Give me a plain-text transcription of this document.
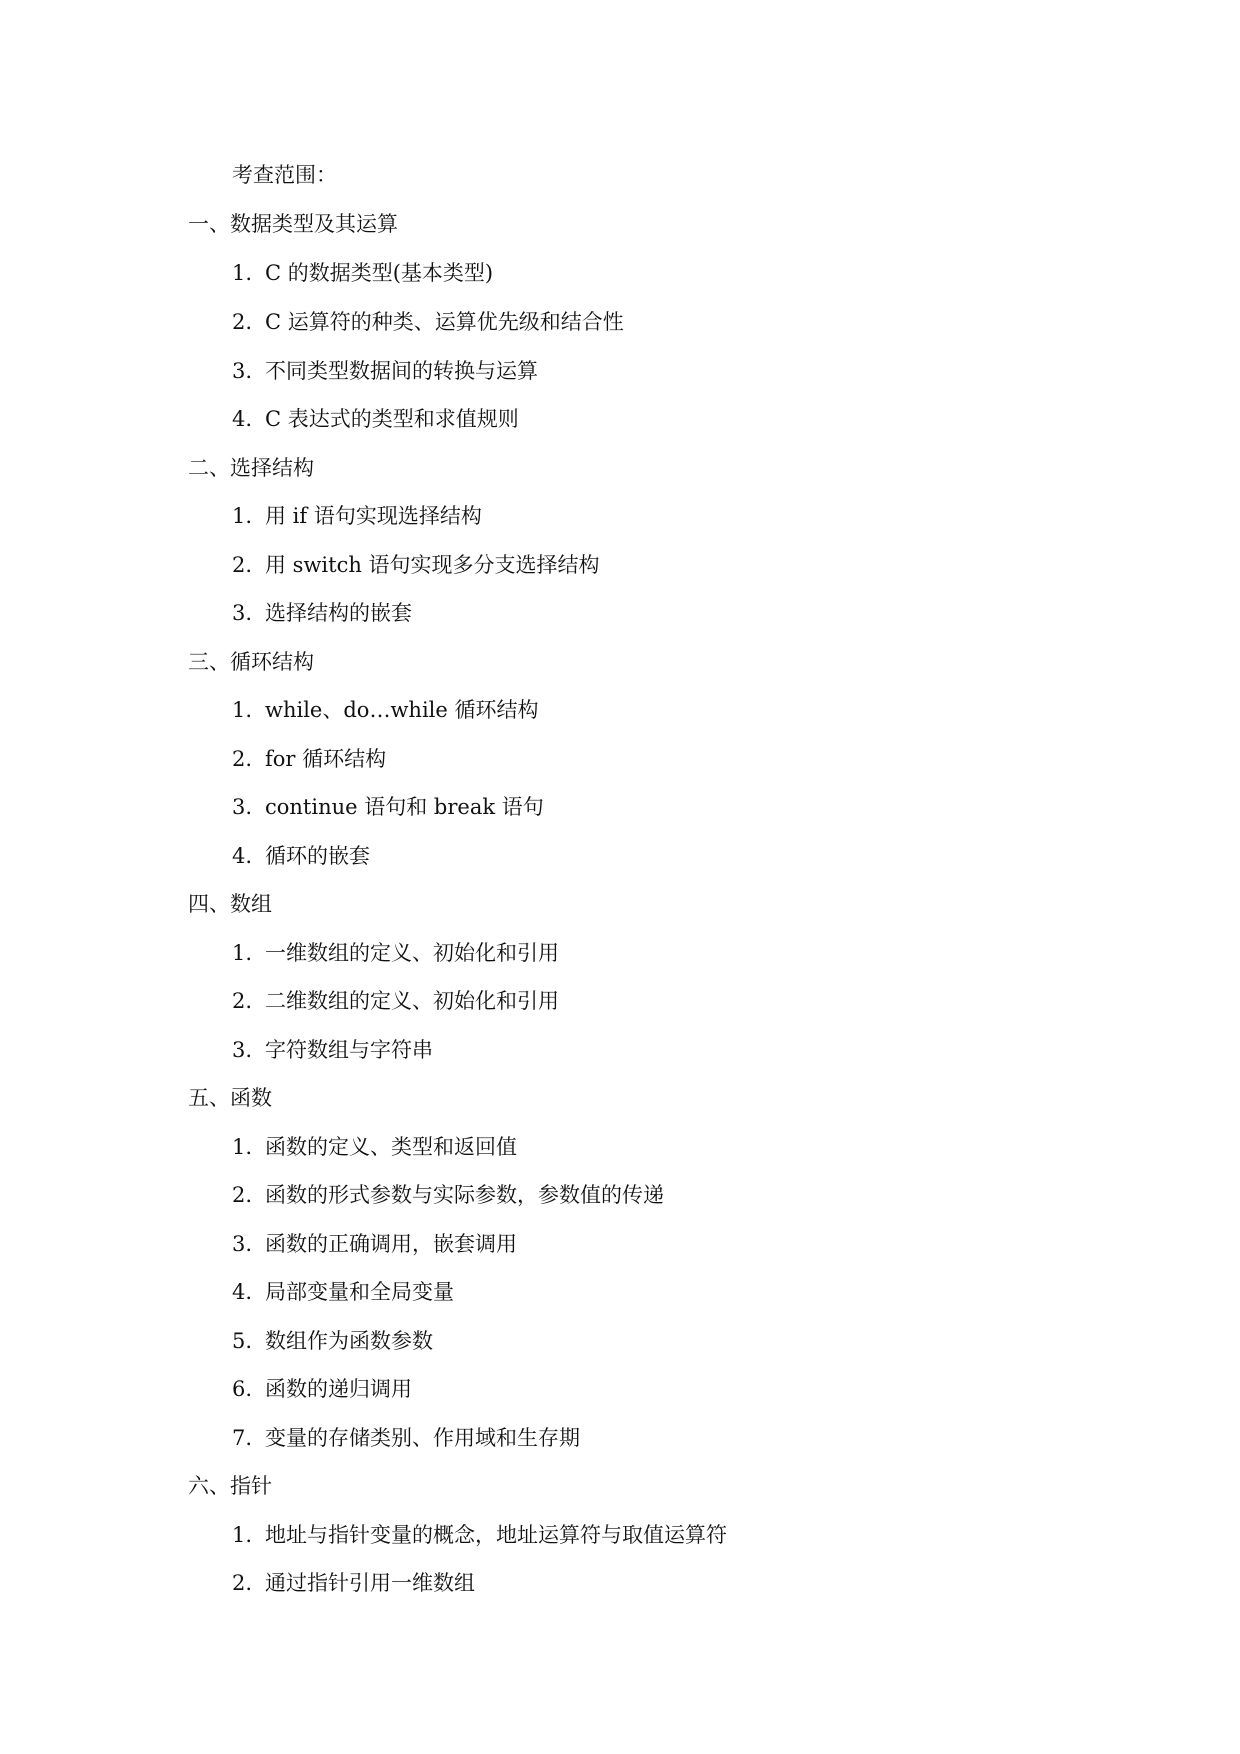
考查范围：
一、数据类型及其运算
1. C 的数据类型(基本类型)
2. C 运算符的种类、运算优先级和结合性
3. 不同类型数据间的转换与运算
4. C 表达式的类型和求值规则
二、选择结构
1. 用 if 语句实现选择结构
2. 用 switch 语句实现多分支选择结构
3. 选择结构的嵌套
三、循环结构
1. while、do…while 循环结构
2. for 循环结构
3. continue 语句和 break 语句
4. 循环的嵌套
四、数组
1. 一维数组的定义、初始化和引用
2. 二维数组的定义、初始化和引用
3. 字符数组与字符串
五、函数
1. 函数的定义、类型和返回值
2. 函数的形式参数与实际参数，参数值的传递
3. 函数的正确调用，嵌套调用
4. 局部变量和全局变量
5. 数组作为函数参数
6. 函数的递归调用
7. 变量的存储类别、作用域和生存期
六、指针
1. 地址与指针变量的概念，地址运算符与取值运算符
2. 通过指针引用一维数组
